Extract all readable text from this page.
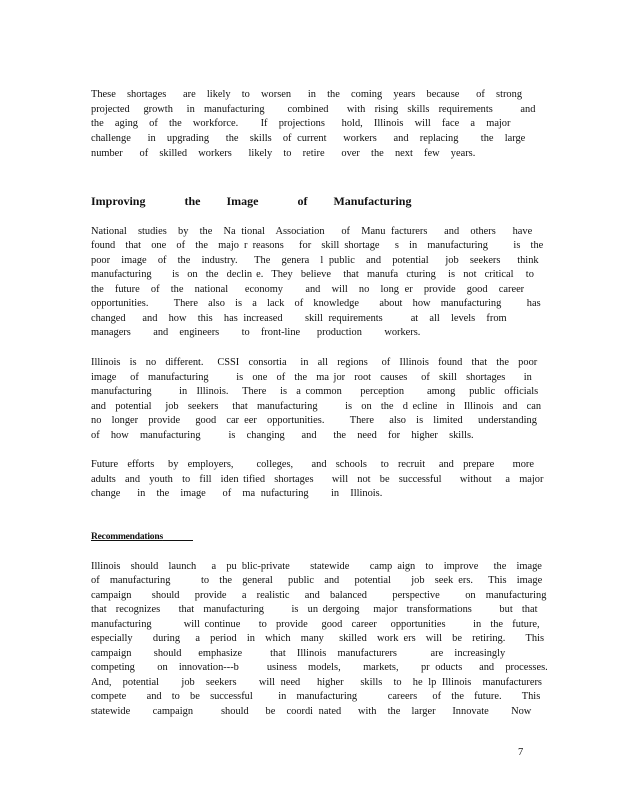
These  shortages   are  likely  to  worsen   in  the  coming  years  because   of  strong
projected   growth   in  manufacturing     combined    with  rising  skills  requirements      and
the  aging  of  the  workforce.    If  projections   hold,  Illinois  will  face  a  major
challenge   in  upgrading   the  skills  of current   workers   and  replacing    the  large
number   of  skilled  workers   likely  to  retire   over  the  next  few  years.
Improving   the  Image   of  Manufacturing
National  studies  by  the  Na tional  Association   of  Manu facturers   and  others   have
found  that  one  of  the  majo r reasons   for  skill shortage   s  in  manufacturing     is  the
poor  image  of  the  industry.   The  genera  l public  and  potential   job  seekers   think
manufacturing     is  on  the  declin e.  They  believe   that  manufa  cturing   is  not  critical   to
the  future  of  the  national   economy    and  will  no  long er  provide  good  career
opportunities.     There  also  is  a  lack  of  knowledge    about  how  manufacturing     has
changed   and  how  this  has increased    skill requirements     at  all  levels  from
managers    and  engineers    to  front-line   production    workers.
Illinois  is  no  different.   CSSI  consortia   in  all  regions   of  Illinois  found  that  the  poor
image   of  manufacturing      is  one  of  the  ma jor  root  causes   of  skill  shortages    in
manufacturing      in  Illinois.   There   is  a common    perception     among   public  officials
and  potential   job  seekers   that  manufacturing      is  on  the  d ecline  in  Illinois  and  can
no  longer  provide   good  car eer  opportunities.     There   also  is  limited   understanding
of  how  manufacturing     is  changing   and   the  need  for  higher  skills.
Future  efforts   by  employers,     colleges,    and  schools   to  recruit   and  prepare    more
adults  and  youth  to  fill  iden tified  shortages    will  not  be  successful    without   a  major
change   in  the  image   of  ma nufacturing    in  Illinois.
Recommendations
Illinois  should  launch   a  pu blic-private    statewide    camp aign  to  improve   the  image
of  manufacturing      to  the  general   public  and   potential    job  seek ers.   This  image
campaign    should   provide   a  realistic   and  balanced     perspective     on  manufacturing
that  recognizes    that  manufacturing      is  un dergoing   major  transformations      but  that
manufacturing       will continue    to  provide   good  career   opportunities      in  the  future,
especially    during   a  period  in  which  many   skilled  work ers  will  be  retiring.    This
campaign    should   emphasize     that  Illinois  manufacturers      are  increasingly
competing    on  innovation---b     usiness  models,    markets,    pr oducts   and  processes.
And,  potential    job  seekers    will need   higher   skills  to  he lp Illinois  manufacturers
compete    and  to  be  successful     in  manufacturing      careers   of  the  future.    This
statewide    campaign     should   be  coordi nated   with  the  larger   Innovate    Now
7
